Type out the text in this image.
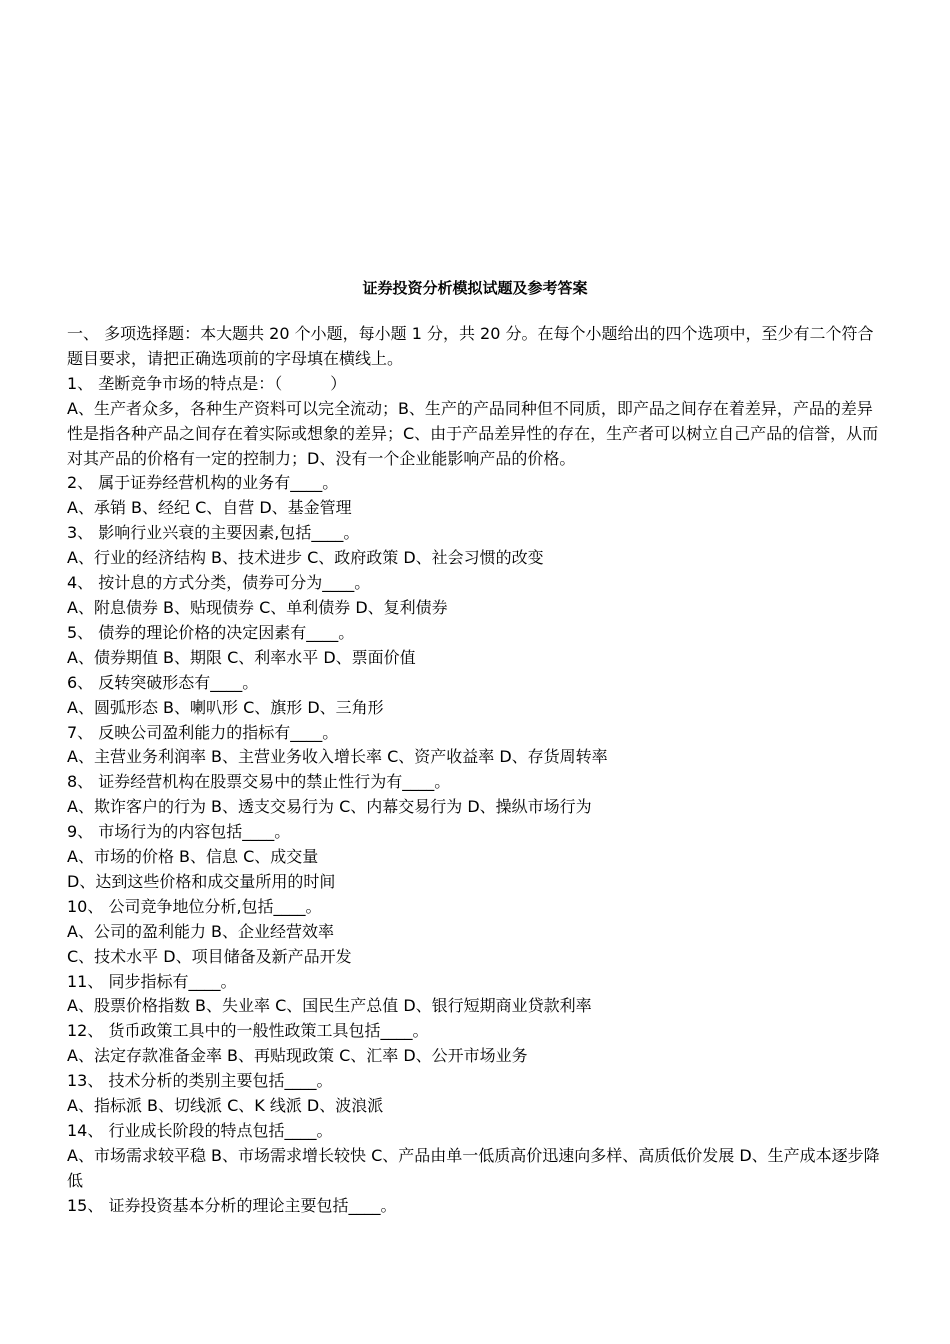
证券投资分析模拟试题及参考答案

一、 多项选择题：本大题共 20 个小题，每小题 1 分，共 20 分。在每个小题给出的四个选项中，至少有二个符合题目要求，请把正确选项前的字母填在横线上。

1、 垄断竞争市场的特点是：（　　　）

A、生产者众多，各种生产资料可以完全流动；B、生产的产品同种但不同质，即产品之间存在着差异，产品的差异性是指各种产品之间存在着实际或想象的差异；C、由于产品差异性的存在，生产者可以树立自己产品的信誉，从而对其产品的价格有一定的控制力；D、没有一个企业能影响产品的价格。

2、 属于证券经营机构的业务有____。

A、承销 B、经纪 C、自营 D、基金管理

3、 影响行业兴衰的主要因素,包括____。

A、行业的经济结构 B、技术进步 C、政府政策 D、社会习惯的改变

4、 按计息的方式分类，债券可分为____。

A、附息债券 B、贴现债券 C、单利债券 D、复利债券

5、 债券的理论价格的决定因素有____。

A、债券期值 B、期限 C、利率水平 D、票面价值

6、 反转突破形态有____。

A、圆弧形态 B、喇叭形 C、旗形 D、三角形

7、 反映公司盈利能力的指标有____。

A、主营业务利润率 B、主营业务收入增长率 C、资产收益率 D、存货周转率

8、 证券经营机构在股票交易中的禁止性行为有____。

A、欺诈客户的行为 B、透支交易行为 C、内幕交易行为 D、操纵市场行为

9、 市场行为的内容包括____。

A、市场的价格 B、信息 C、成交量

D、达到这些价格和成交量所用的时间

10、 公司竞争地位分析,包括____。

A、公司的盈利能力 B、企业经营效率

C、技术水平 D、项目储备及新产品开发

11、 同步指标有____。

A、股票价格指数 B、失业率 C、国民生产总值 D、银行短期商业贷款利率

12、 货币政策工具中的一般性政策工具包括____。

A、法定存款准备金率 B、再贴现政策 C、汇率 D、公开市场业务

13、 技术分析的类别主要包括____。

A、指标派 B、切线派 C、K 线派 D、波浪派

14、 行业成长阶段的特点包括____。

A、市场需求较平稳 B、市场需求增长较快 C、产品由单一低质高价迅速向多样、高质低价发展 D、生产成本逐步降低

15、 证券投资基本分析的理论主要包括____。
